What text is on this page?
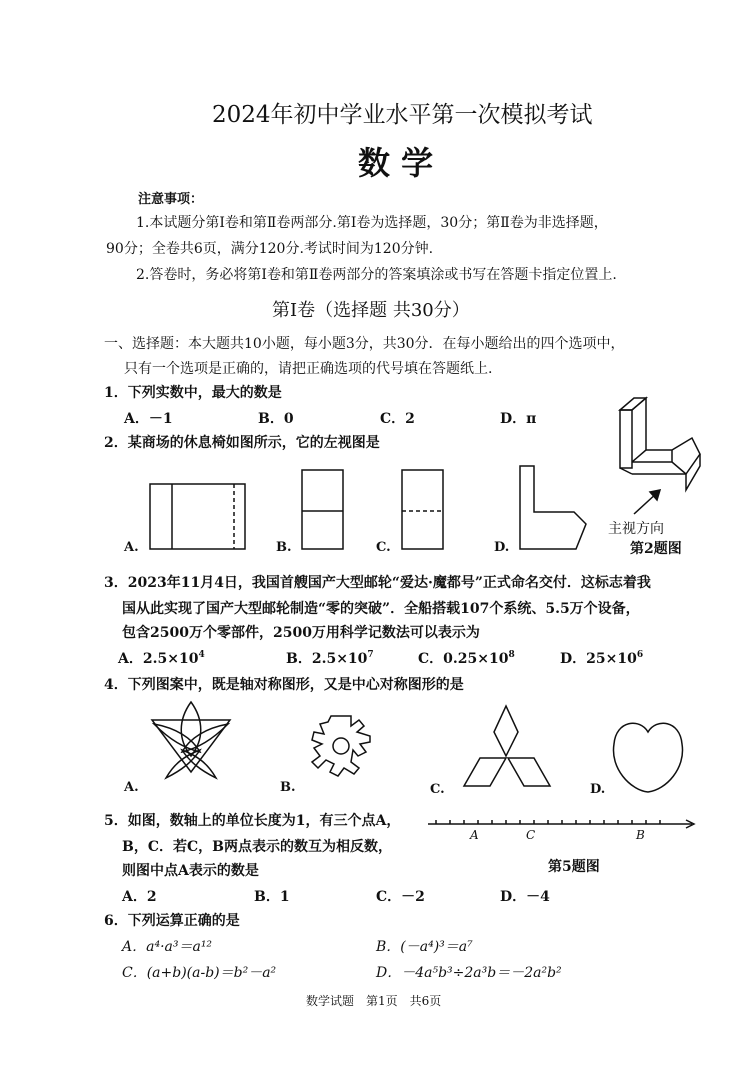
2024年初中学业水平第一次模拟考试
数 学
注意事项：
1.本试题分第Ⅰ卷和第Ⅱ卷两部分.第Ⅰ卷为选择题，30分；第Ⅱ卷为非选择题，
90分；全卷共6页，满分120分.考试时间为120分钟.
2.答卷时，务必将第Ⅰ卷和第Ⅱ卷两部分的答案填涂或书写在答题卡指定位置上.
第Ⅰ卷（选择题 共30分）
一、选择题：本大题共10小题，每小题3分，共30分．在每小题给出的四个选项中，
只有一个选项是正确的，请把正确选项的代号填在答题纸上.
1．下列实数中，最大的数是
A．－1	B．0	C．2	D．π
2．某商场的休息椅如图所示，它的左视图是
A.	B.	C.	D.
主视方向
第2题图
3．2023年11月4日，我国首艘国产大型邮轮“爱达·魔都号”正式命名交付．这标志着我
国从此实现了国产大型邮轮制造“零的突破”．全船搭载107个系统、5.5万个设备，
包含2500万个零部件，2500万用科学记数法可以表示为
A．$2.5\times 10^4$	B．$2.5\times 10^7$	C．$0.25\times 10^8$	D．$25\times 10^6$
4．下列图案中，既是轴对称图形，又是中心对称图形的是
A.	B.	C.	D.
5．如图，数轴上的单位长度为1，有三个点A，
B，C．若C，B两点表示的数互为相反数，
则图中点A表示的数是
A	C	B
第5题图
A．2	B．1	C．－2	D．－4
6．下列运算正确的是
A．a⁴·a³＝a¹²	B．(－a⁴)³＝a⁷
C．(a+b)(a-b)＝b²－a²	D．－4a⁵b³÷2a³b＝－2a²b²
数学试题　第1页　共6页
